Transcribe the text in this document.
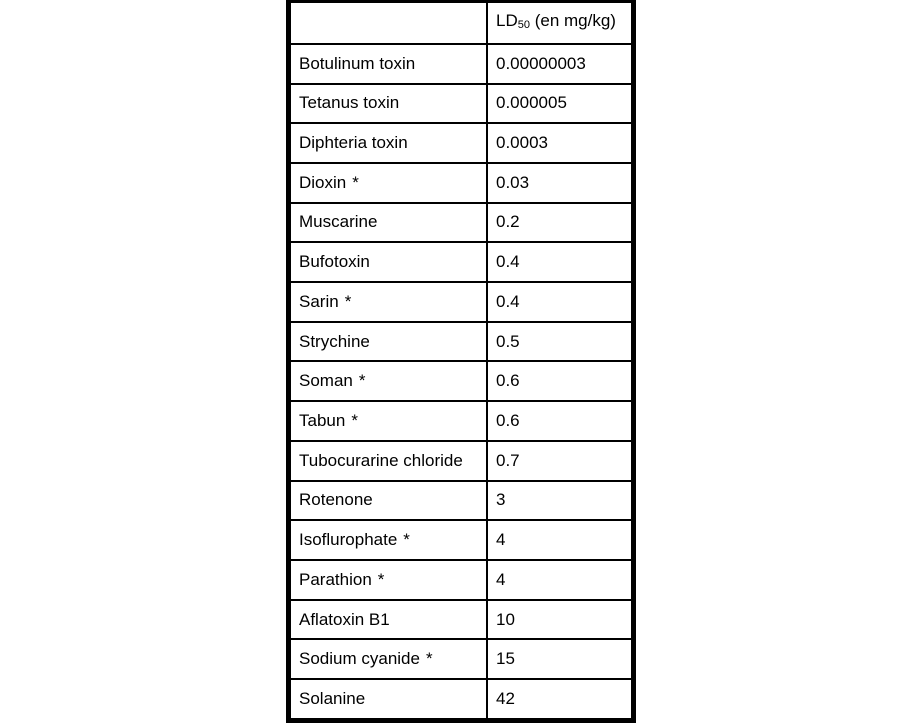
	LD50 (en mg/kg)
Botulinum toxin	0.00000003
Tetanus toxin	0.000005
Diphteria toxin	0.0003
Dioxin *	0.03
Muscarine	0.2
Bufotoxin	0.4
Sarin *	0.4
Strychine	0.5
Soman *	0.6
Tabun *	0.6
Tubocurarine chloride	0.7
Rotenone	3
Isoflurophate *	4
Parathion *	4
Aflatoxin B1	10
Sodium cyanide *	15
Solanine	42
